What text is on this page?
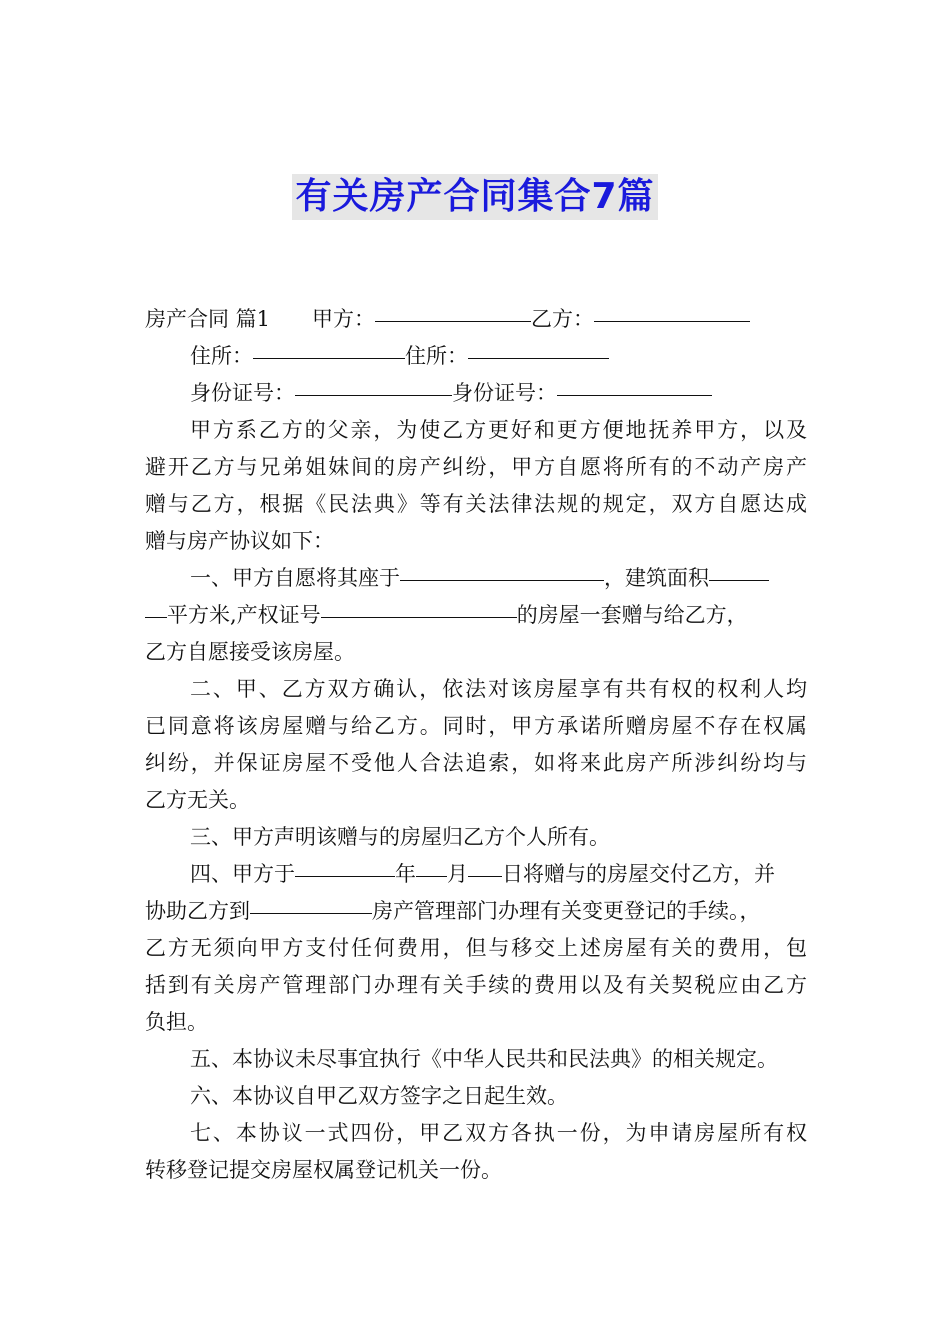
有关房产合同集合7篇
房产合同 篇1 甲方：	乙方：
住所：	住所：
身份证号：	身份证号：
甲方系乙方的父亲，为使乙方更好和更方便地抚养甲方，以及
避开乙方与兄弟姐妹间的房产纠纷，甲方自愿将所有的不动产房产
赠与乙方，根据《民法典》等有关法律法规的规定，双方自愿达成
赠与房产协议如下：
一、甲方自愿将其座于	，建筑面积
平方米,产权证号	的房屋一套赠与给乙方，
乙方自愿接受该房屋。
二、甲、乙方双方确认，依法对该房屋享有共有权的权利人均
已同意将该房屋赠与给乙方。同时，甲方承诺所赠房屋不存在权属
纠纷，并保证房屋不受他人合法追索，如将来此房产所涉纠纷均与
乙方无关。
三、甲方声明该赠与的房屋归乙方个人所有。
四、甲方于	年 月 日将赠与的房屋交付乙方，并
协助乙方到	房产管理部门办理有关变更登记的手续。，
乙方无须向甲方支付任何费用，但与移交上述房屋有关的费用，包
括到有关房产管理部门办理有关手续的费用以及有关契税应由乙方
负担。
五、本协议未尽事宜执行《中华人民共和民法典》的相关规定。
六、本协议自甲乙双方签字之日起生效。
七、本协议一式四份，甲乙双方各执一份，为申请房屋所有权
转移登记提交房屋权属登记机关一份。
